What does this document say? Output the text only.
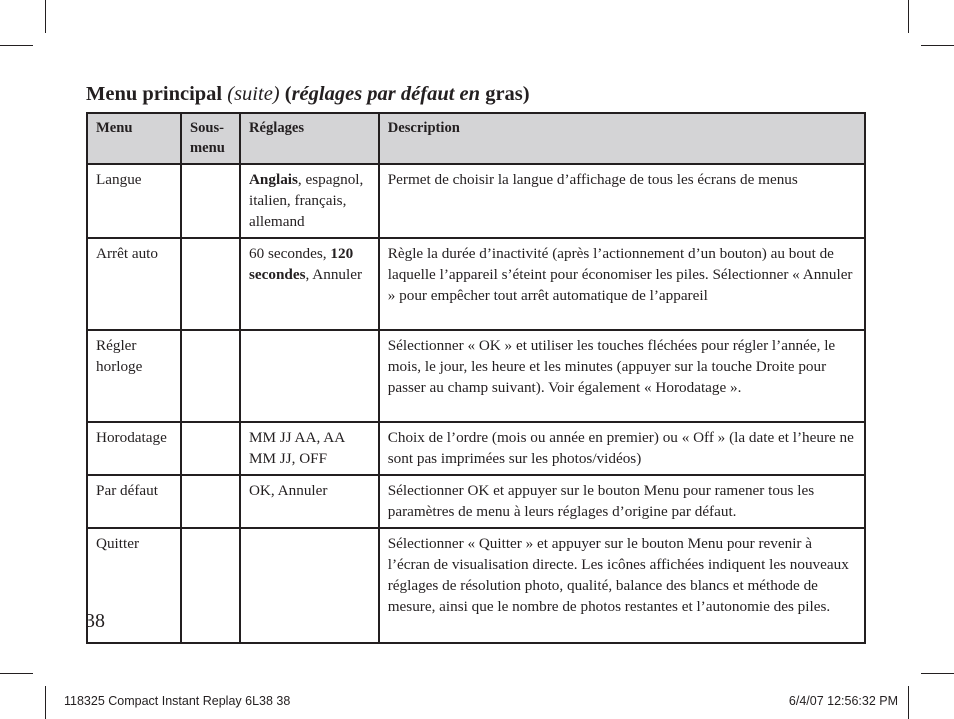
Menu principal (suite) (réglages par défaut en gras)
Menu	Sous-menu	Réglages	Description
Langue		Anglais, espagnol, italien, français, allemand	Permet de choisir la langue d’affichage de tous les écrans de menus
Arrêt auto		60 secondes, 120 secondes, Annuler	Règle la durée d’inactivité (après l’actionnement d’un bouton) au bout de laquelle l’appareil s’éteint pour économiser les piles. Sélectionner « Annuler » pour empêcher tout arrêt automatique de l’appareil
Régler horloge			Sélectionner « OK » et utiliser les touches fléchées pour régler l’année, le mois, le jour, les heure et les minutes (appuyer sur la touche Droite pour passer au champ suivant). Voir également « Horodatage ».
Horodatage		MM JJ AA, AA MM JJ, OFF	Choix de l’ordre (mois ou année en premier) ou « Off » (la date et l’heure ne sont pas imprimées sur les photos/vidéos)
Par défaut		OK, Annuler	Sélectionner OK et appuyer sur le bouton Menu pour ramener tous les paramètres de menu à leurs réglages d’origine par défaut.
Quitter			Sélectionner « Quitter » et appuyer sur le bouton Menu pour revenir à l’écran de visualisation directe. Les icônes affichées indiquent les nouveaux réglages de résolution photo, qualité, balance des blancs et méthode de mesure, ainsi que le nombre de photos restantes et l’autonomie des piles.
38
118325 Compact Instant Replay 6L38 38	6/4/07 12:56:32 PM
